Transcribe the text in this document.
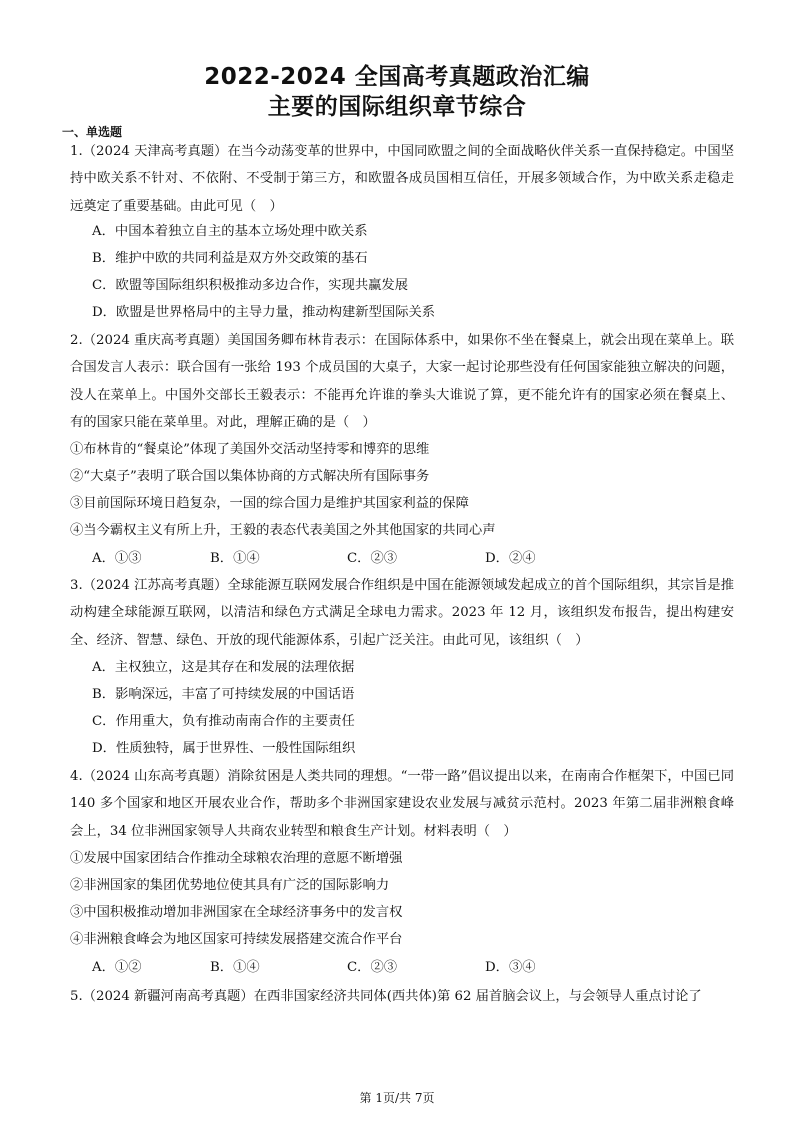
2022-2024 全国高考真题政治汇编
主要的国际组织章节综合
一、单选题
1.（2024 天津高考真题）在当今动荡变革的世界中，中国同欧盟之间的全面战略伙伴关系一直保持稳定。中国坚持中欧关系不针对、不依附、不受制于第三方，和欧盟各成员国相互信任，开展多领域合作，为中欧关系走稳走远奠定了重要基础。由此可见（　）
A．中国本着独立自主的基本立场处理中欧关系
B．维护中欧的共同利益是双方外交政策的基石
C．欧盟等国际组织积极推动多边合作，实现共赢发展
D．欧盟是世界格局中的主导力量，推动构建新型国际关系
2.（2024 重庆高考真题）美国国务卿布林肯表示：在国际体系中，如果你不坐在餐桌上，就会出现在菜单上。联合国发言人表示：联合国有一张给 193 个成员国的大桌子，大家一起讨论那些没有任何国家能独立解决的问题，没人在菜单上。中国外交部长王毅表示：不能再允许谁的拳头大谁说了算，更不能允许有的国家必须在餐桌上、有的国家只能在菜单里。对此，理解正确的是（　）
①布林肯的“餐桌论”体现了美国外交活动坚持零和博弈的思维
②“大桌子”表明了联合国以集体协商的方式解决所有国际事务
③目前国际环境日趋复杂，一国的综合国力是维护其国家利益的保障
④当今霸权主义有所上升，王毅的表态代表美国之外其他国家的共同心声
A．①③	B．①④	C．②③	D．②④
3.（2024 江苏高考真题）全球能源互联网发展合作组织是中国在能源领域发起成立的首个国际组织，其宗旨是推动构建全球能源互联网，以清洁和绿色方式满足全球电力需求。2023 年 12 月，该组织发布报告，提出构建安全、经济、智慧、绿色、开放的现代能源体系，引起广泛关注。由此可见，该组织（　）
A．主权独立，这是其存在和发展的法理依据
B．影响深远，丰富了可持续发展的中国话语
C．作用重大，负有推动南南合作的主要责任
D．性质独特，属于世界性、一般性国际组织
4.（2024 山东高考真题）消除贫困是人类共同的理想。“一带一路”倡议提出以来，在南南合作框架下，中国已同 140 多个国家和地区开展农业合作，帮助多个非洲国家建设农业发展与减贫示范村。2023 年第二届非洲粮食峰会上，34 位非洲国家领导人共商农业转型和粮食生产计划。材料表明（　）
①发展中国家团结合作推动全球粮农治理的意愿不断增强
②非洲国家的集团优势地位使其具有广泛的国际影响力
③中国积极推动增加非洲国家在全球经济事务中的发言权
④非洲粮食峰会为地区国家可持续发展搭建交流合作平台
A．①②	B．①④	C．②③	D．③④
5.（2024 新疆河南高考真题）在西非国家经济共同体(西共体)第 62 届首脑会议上，与会领导人重点讨论了
第 1页/共 7页
